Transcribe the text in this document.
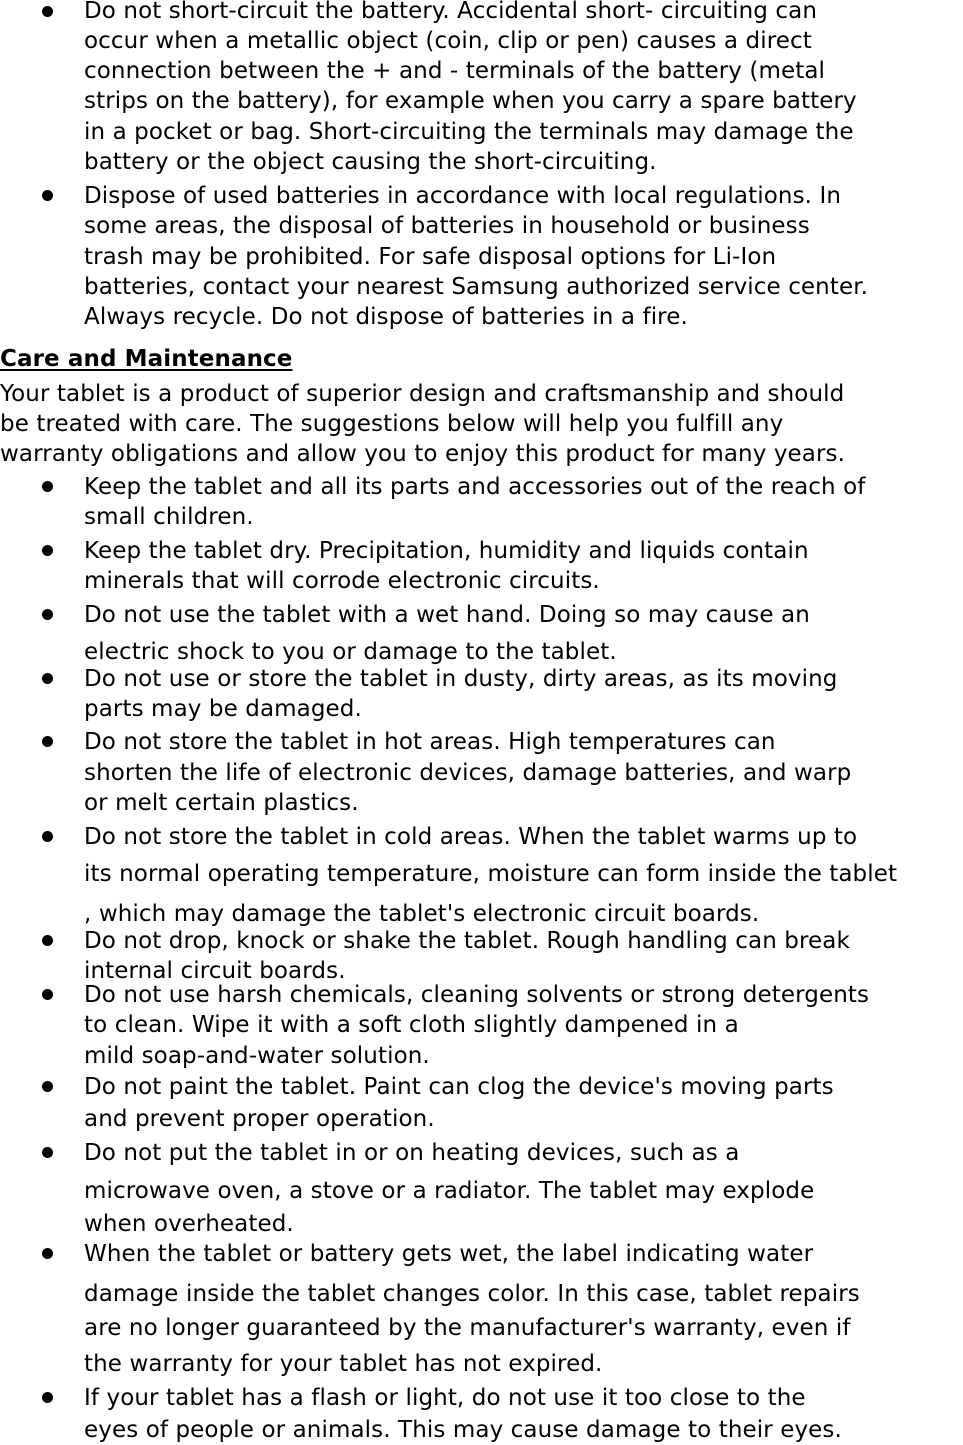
Do not short-circuit the battery. Accidental short- circuiting can
occur when a metallic object (coin, clip or pen) causes a direct
connection between the + and - terminals of the battery (metal
strips on the battery), for example when you carry a spare battery
in a pocket or bag. Short-circuiting the terminals may damage the
battery or the object causing the short-circuiting.
Dispose of used batteries in accordance with local regulations. In
some areas, the disposal of batteries in household or business
trash may be prohibited. For safe disposal options for Li-Ion
batteries, contact your nearest Samsung authorized service center.
Always recycle. Do not dispose of batteries in a fire.
Care and Maintenance
Your tablet is a product of superior design and craftsmanship and should
be treated with care. The suggestions below will help you fulfill any
warranty obligations and allow you to enjoy this product for many years.
Keep the tablet and all its parts and accessories out of the reach of
small children.
Keep the tablet dry. Precipitation, humidity and liquids contain
minerals that will corrode electronic circuits.
Do not use the tablet with a wet hand. Doing so may cause an
electric shock to you or damage to the tablet.
Do not use or store the tablet in dusty, dirty areas, as its moving
parts may be damaged.
Do not store the tablet in hot areas. High temperatures can
shorten the life of electronic devices, damage batteries, and warp
or melt certain plastics.
Do not store the tablet in cold areas. When the tablet warms up to
its normal operating temperature, moisture can form inside the tablet
, which may damage the tablet's electronic circuit boards.
Do not drop, knock or shake the tablet. Rough handling can break
internal circuit boards.
Do not use harsh chemicals, cleaning solvents or strong detergents
to clean. Wipe it with a soft cloth slightly dampened in a
mild soap-and-water solution.
Do not paint the tablet. Paint can clog the device's moving parts
and prevent proper operation.
Do not put the tablet in or on heating devices, such as a
microwave oven, a stove or a radiator. The tablet may explode
when overheated.
When the tablet or battery gets wet, the label indicating water
damage inside the tablet changes color. In this case, tablet repairs
are no longer guaranteed by the manufacturer's warranty, even if
the warranty for your tablet has not expired.
If your tablet has a flash or light, do not use it too close to the
eyes of people or animals. This may cause damage to their eyes.
